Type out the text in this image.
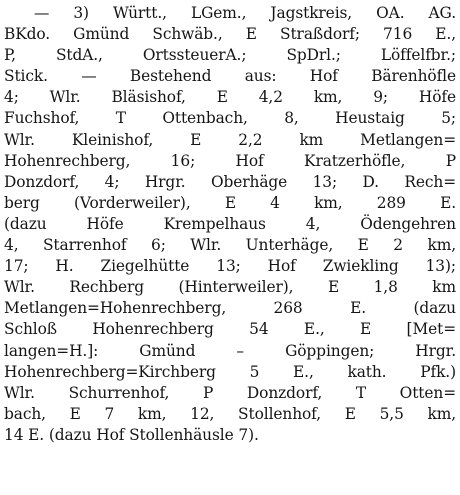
— 3) Württ., LGem., Jagstkreis, OA. AG.
BKdo. Gmünd Schwäb., E Straßdorf; 716 E.,
P, StdA., OrtssteuerA.; SpDrl.; Löffelfbr.;
Stick. — Bestehend aus: Hof Bärenhöfle
4; Wlr. Bläsishof, E 4,2 km, 9; Höfe
Fuchshof, T Ottenbach, 8, Heustaig 5;
Wlr. Kleinishof, E 2,2 km Metlangen=
Hohenrechberg, 16; Hof Kratzerhöfle, P
Donzdorf, 4; Hrgr. Oberhäge 13; D. Rech=
berg (Vorderweiler), E 4 km, 289 E.
(dazu Höfe Krempelhaus 4, Ödengehren
4, Starrenhof 6; Wlr. Unterhäge, E 2 km,
17; H. Ziegelhütte 13; Hof Zwiekling 13);
Wlr. Rechberg (Hinterweiler), E 1,8 km
Metlangen=Hohenrechberg, 268 E. (dazu
Schloß Hohenrechberg 54 E., E [Met=
langen=H.]: Gmünd – Göppingen; Hrgr.
Hohenrechberg=Kirchberg 5 E., kath. Pfk.)
Wlr. Schurrenhof, P Donzdorf, T Otten=
bach, E 7 km, 12, Stollenhof, E 5,5 km,
14 E. (dazu Hof Stollenhäusle 7).
